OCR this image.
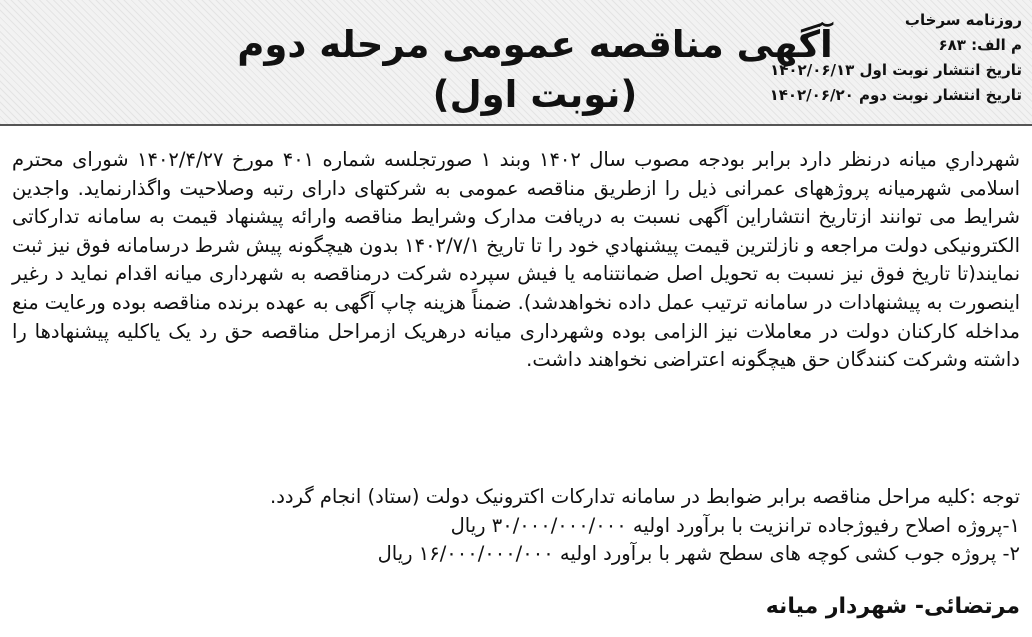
آگهی مناقصه عمومی مرحله دوم
(نوبت اول)
روزنامه سرخاب
م الف: ۶۸۳
تاریخ انتشار نوبت اول ۱۴۰۲/۰۶/۱۳
تاریخ انتشار نوبت دوم ۱۴۰۲/۰۶/۲۰

شهرداري ميانه درنظر دارد برابر بودجه مصوب سال ۱۴۰۲ وبند ۱ صورتجلسه شماره ۴۰۱ مورخ ۱۴۰۲/۴/۲۷ شورای محترم اسلامی شهرمیانه پروژههای عمرانی ذیل را ازطریق مناقصه عمومی به شرکتهای دارای رتبه وصلاحیت واگذارنماید. واجدین شرایط می توانند ازتاریخ انتشاراین آگهی نسبت به دریافت مدارک وشرایط مناقصه وارائه پیشنهاد قیمت به سامانه تدارکاتی الکترونیکی دولت مراجعه و نازلترین قیمت پیشنهادي خود را تا تاریخ ۱۴۰۲/۷/۱ بدون هیچگونه پیش شرط درسامانه فوق نیز ثبت نمایند(تا تاریخ فوق نیز نسبت به تحویل اصل ضمانتنامه یا فیش سپرده شرکت درمناقصه به شهرداری میانه اقدام نماید د رغیر اینصورت به پیشنهادات در سامانه ترتیب عمل داده نخواهدشد). ضمناً هزینه چاپ آگهی به عهده برنده مناقصه بوده ورعایت منع مداخله کارکنان دولت در معاملات نیز الزامی بوده وشهرداری میانه درهریک ازمراحل مناقصه حق رد یک یاکلیه پیشنهادها را داشته وشرکت کنندگان حق هیچگونه اعتراضی نخواهند داشت.

توجه :کلیه مراحل مناقصه برابر ضوابط در سامانه تدارکات اکترونیک دولت (ستاد) انجام گردد.
۱-پروژه اصلاح رفیوژجاده ترانزیت با برآورد اولیه ۳۰/۰۰۰/۰۰۰/۰۰۰ ریال
۲- پروژه جوب کشی کوچه های سطح شهر با برآورد اولیه ۱۶/۰۰۰/۰۰۰/۰۰۰ ریال
مرتضائی- شهردار میانه
